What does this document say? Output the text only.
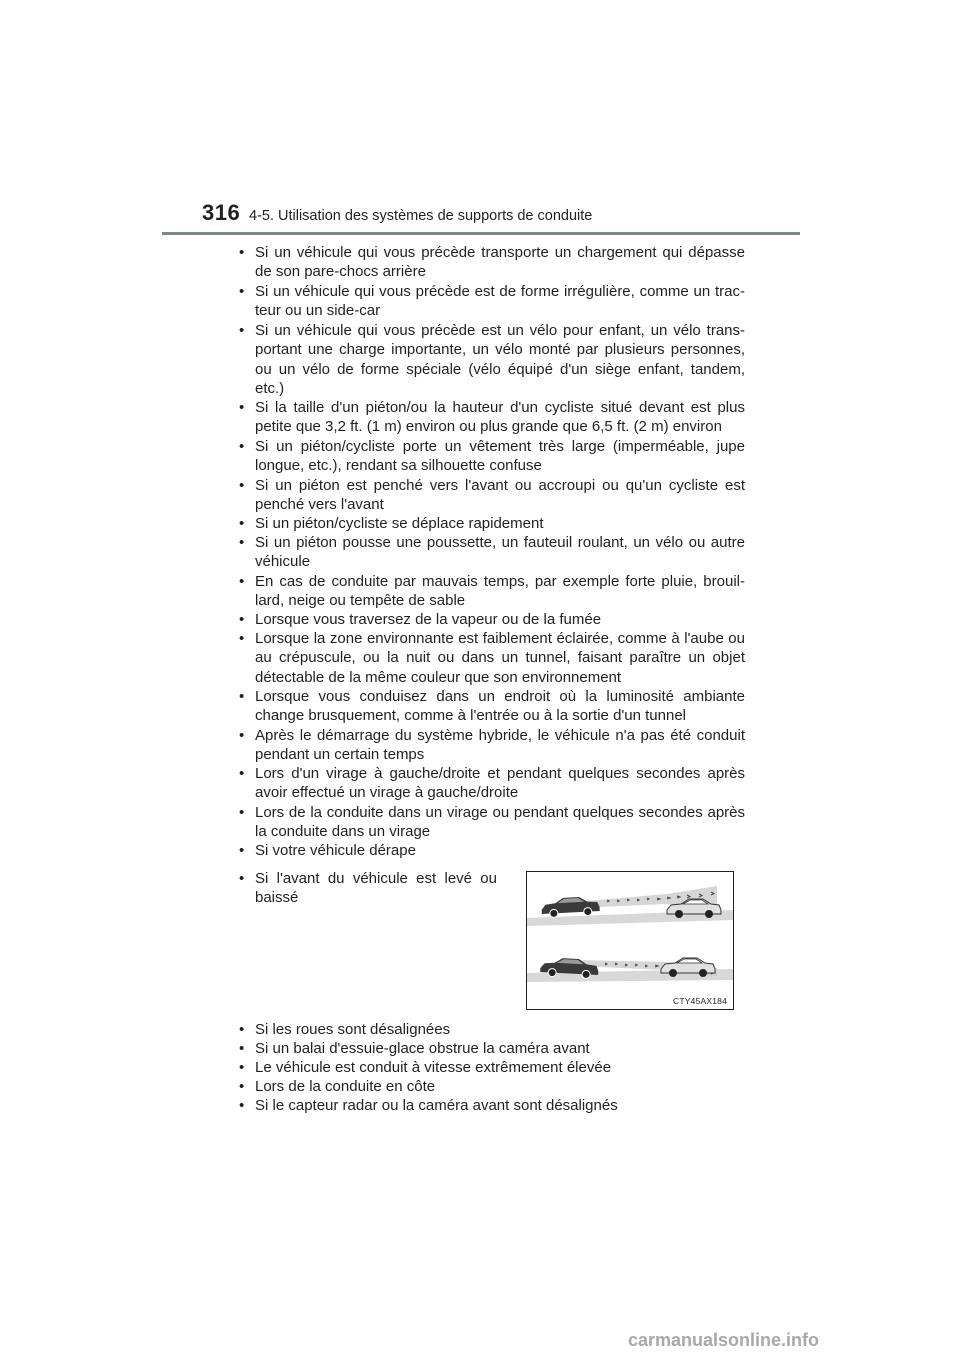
316 4-5. Utilisation des systèmes de supports de conduite
• Si un véhicule qui vous précède transporte un chargement qui dépasse de son pare-chocs arrière
• Si un véhicule qui vous précède est de forme irrégulière, comme un trac-teur ou un side-car
• Si un véhicule qui vous précède est un vélo pour enfant, un vélo trans-portant une charge importante, un vélo monté par plusieurs personnes, ou un vélo de forme spéciale (vélo équipé d'un siège enfant, tandem, etc.)
• Si la taille d'un piéton/ou la hauteur d'un cycliste situé devant est plus petite que 3,2 ft. (1 m) environ ou plus grande que 6,5 ft. (2 m) environ
• Si un piéton/cycliste porte un vêtement très large (imperméable, jupe longue, etc.), rendant sa silhouette confuse
• Si un piéton est penché vers l'avant ou accroupi ou qu'un cycliste est penché vers l'avant
• Si un piéton/cycliste se déplace rapidement
• Si un piéton pousse une poussette, un fauteuil roulant, un vélo ou autre véhicule
• En cas de conduite par mauvais temps, par exemple forte pluie, brouil-lard, neige ou tempête de sable
• Lorsque vous traversez de la vapeur ou de la fumée
• Lorsque la zone environnante est faiblement éclairée, comme à l'aube ou au crépuscule, ou la nuit ou dans un tunnel, faisant paraître un objet détectable de la même couleur que son environnement
• Lorsque vous conduisez dans un endroit où la luminosité ambiante change brusquement, comme à l'entrée ou à la sortie d'un tunnel
• Après le démarrage du système hybride, le véhicule n'a pas été conduit pendant un certain temps
• Lors d'un virage à gauche/droite et pendant quelques secondes après avoir effectué un virage à gauche/droite
• Lors de la conduite dans un virage ou pendant quelques secondes après la conduite dans un virage
• Si votre véhicule dérape
• Si l'avant du véhicule est levé ou baissé
CTY45AX184
• Si les roues sont désalignées
• Si un balai d'essuie-glace obstrue la caméra avant
• Le véhicule est conduit à vitesse extrêmement élevée
• Lors de la conduite en côte
• Si le capteur radar ou la caméra avant sont désalignés
carmanualsonline.info
